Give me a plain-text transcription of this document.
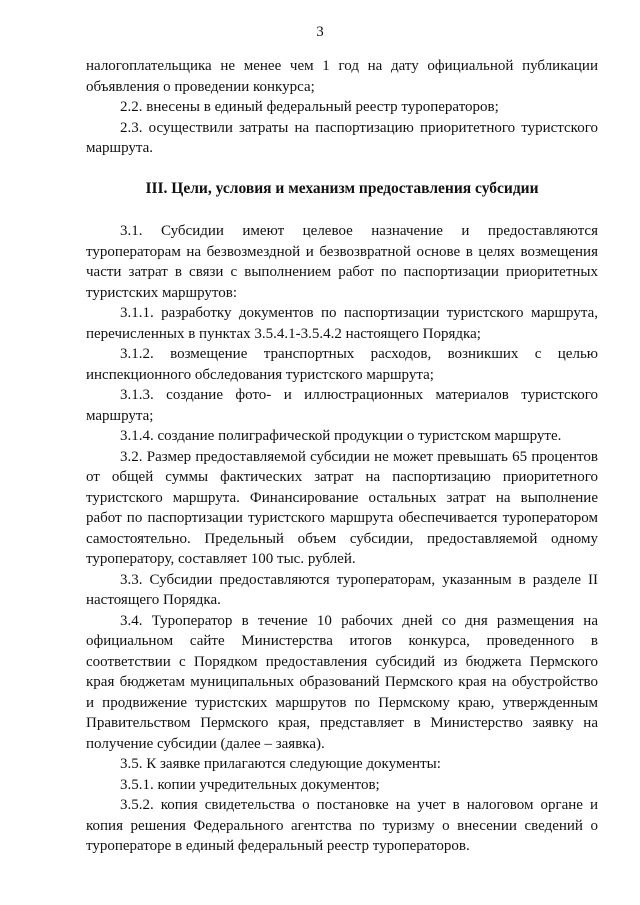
3

налогоплательщика не менее чем 1 год на дату официальной публикации объявления о проведении конкурса;

2.2. внесены в единый федеральный реестр туроператоров;

2.3. осуществили затраты на паспортизацию приоритетного туристского маршрута.

III. Цели, условия и механизм предоставления субсидии

3.1. Субсидии имеют целевое назначение и предоставляются туроператорам на безвозмездной и безвозвратной основе в целях возмещения части затрат в связи с выполнением работ по паспортизации приоритетных туристских маршрутов:

3.1.1. разработку документов по паспортизации туристского маршрута, перечисленных в пунктах 3.5.4.1-3.5.4.2 настоящего Порядка;

3.1.2. возмещение транспортных расходов, возникших с целью инспекционного обследования туристского маршрута;

3.1.3. создание фото- и иллюстрационных материалов туристского маршрута;

3.1.4. создание полиграфической продукции о туристском маршруте.

3.2. Размер предоставляемой субсидии не может превышать 65 процентов от общей суммы фактических затрат на паспортизацию приоритетного туристского маршрута. Финансирование остальных затрат на выполнение работ по паспортизации туристского маршрута обеспечивается туроператором самостоятельно. Предельный объем субсидии, предоставляемой одному туроператору, составляет 100 тыс. рублей.

3.3. Субсидии предоставляются туроператорам, указанным в разделе II настоящего Порядка.

3.4. Туроператор в течение 10 рабочих дней со дня размещения на официальном сайте Министерства итогов конкурса, проведенного в соответствии с Порядком предоставления субсидий из бюджета Пермского края бюджетам муниципальных образований Пермского края на обустройство и продвижение туристских маршрутов по Пермскому краю, утвержденным Правительством Пермского края, представляет в Министерство заявку на получение субсидии (далее – заявка).

3.5. К заявке прилагаются следующие документы:

3.5.1. копии учредительных документов;

3.5.2. копия свидетельства о постановке на учет в налоговом органе и копия решения Федерального агентства по туризму о внесении сведений о туроператоре в единый федеральный реестр туроператоров.
